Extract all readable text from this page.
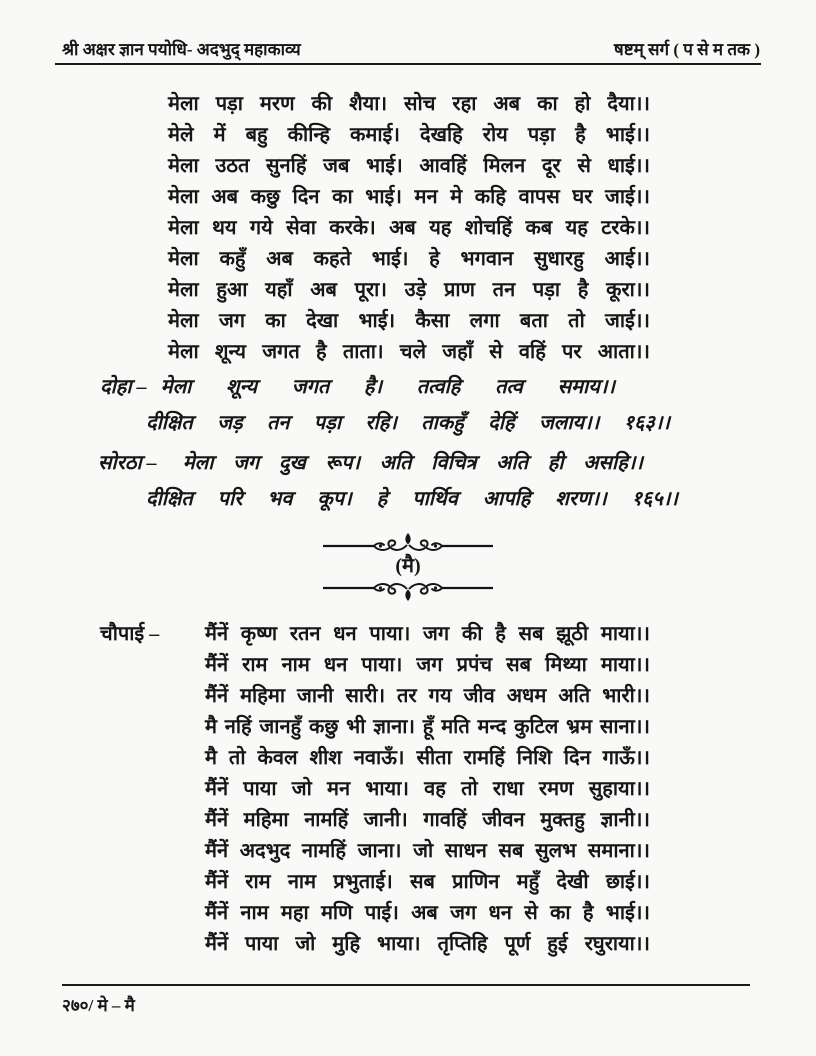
श्री अक्षर ज्ञान पयोधि- अदभुद् महाकाव्य	षष्टम् सर्ग ( प से म तक )
मेला पड़ा मरण की शैया। सोच रहा अब का हो दैया।।
मेले में बहु कीन्हि कमाई। देखहि रोय पड़ा है भाई।।
मेला उठत सुनहिं जब भाई। आवहिं मिलन दूर से धाई।।
मेला अब कछु दिन का भाई। मन मे कहि वापस घर जाई।।
मेला थय गये सेवा करके। अब यह शोचहिं कब यह टरके।।
मेला कहुँ अब कहते भाई। हे भगवान सुधारहु आई।।
मेला हुआ यहाँ अब पूरा। उड़े प्राण तन पड़ा है कूरा।।
मेला जग का देखा भाई। कैसा लगा बता तो जाई।।
मेला शून्य जगत है ताता। चले जहाँ से वहिं पर आता।।
दोहा – मेला शून्य जगत है। तत्वहि तत्व समाय।।
दीक्षित जड़ तन पड़ा रहि। ताकहुँ देहिं जलाय।। १६३।।
सोरठा – मेला जग दुख रूप। अति विचित्र अति ही असहि।।
दीक्षित परि भव कूप। हे पार्थिव आपहि शरण।। १६५।।
(मै)
चौपाई – मैंनें कृष्ण रतन धन पाया। जग की है सब झूठी माया।।
मैंनें राम नाम धन पाया। जग प्रपंच सब मिथ्या माया।।
मैंनें महिमा जानी सारी। तर गय जीव अधम अति भारी।।
मै नहिं जानहुँ कछु भी ज्ञाना। हूँ मति मन्द कुटिल भ्रम साना।।
मै तो केवल शीश नवाऊँ। सीता रामहिं निशि दिन गाऊँ।।
मैंनें पाया जो मन भाया। वह तो राधा रमण सुहाया।।
मैंनें महिमा नामहिं जानी। गावहिं जीवन मुक्तहु ज्ञानी।।
मैंनें अदभुद नामहिं जाना। जो साधन सब सुलभ समाना।।
मैंनें राम नाम प्रभुताई। सब प्राणिन महुँ देखी छाई।।
मैंनें नाम महा मणि पाई। अब जग धन से का है भाई।।
मैंनें पाया जो मुहि भाया। तृप्तिहि पूर्ण हुई रघुराया।।
२७०/ मे – मै
